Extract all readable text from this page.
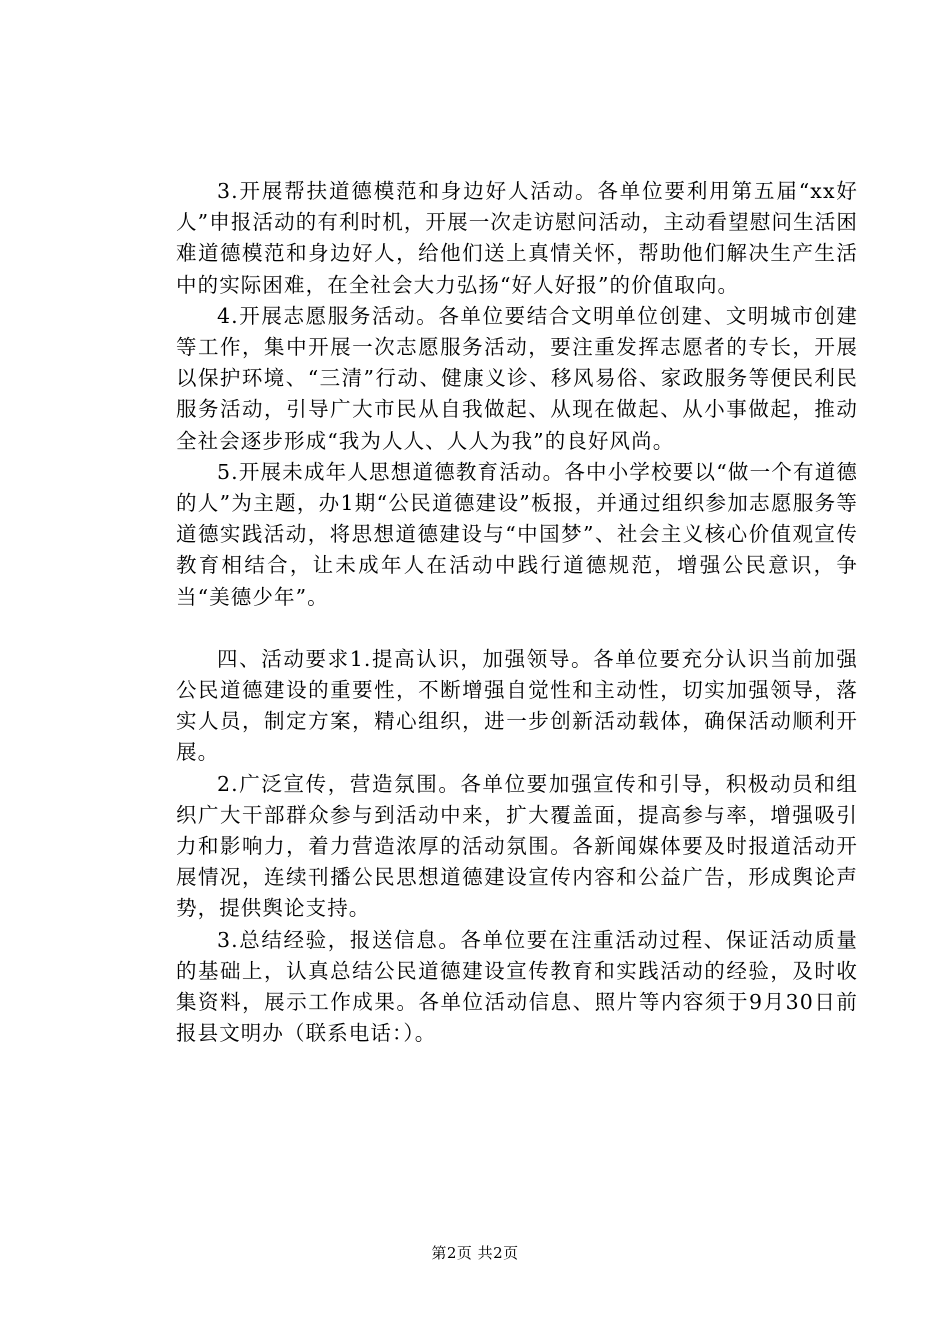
3.开展帮扶道德模范和身边好人活动。各单位要利用第五届“xx好人”申报活动的有利时机，开展一次走访慰问活动，主动看望慰问生活困难道德模范和身边好人，给他们送上真情关怀，帮助他们解决生产生活中的实际困难，在全社会大力弘扬“好人好报”的价值取向。

4.开展志愿服务活动。各单位要结合文明单位创建、文明城市创建等工作，集中开展一次志愿服务活动，要注重发挥志愿者的专长，开展以保护环境、“三清”行动、健康义诊、移风易俗、家政服务等便民利民服务活动，引导广大市民从自我做起、从现在做起、从小事做起，推动全社会逐步形成“我为人人、人人为我”的良好风尚。

5.开展未成年人思想道德教育活动。各中小学校要以“做一个有道德的人”为主题，办1期“公民道德建设”板报，并通过组织参加志愿服务等道德实践活动，将思想道德建设与“中国梦”、社会主义核心价值观宣传教育相结合，让未成年人在活动中践行道德规范，增强公民意识，争当“美德少年”。

四、活动要求1.提高认识，加强领导。各单位要充分认识当前加强公民道德建设的重要性，不断增强自觉性和主动性，切实加强领导，落实人员，制定方案，精心组织，进一步创新活动载体，确保活动顺利开展。

2.广泛宣传，营造氛围。各单位要加强宣传和引导，积极动员和组织广大干部群众参与到活动中来，扩大覆盖面，提高参与率，增强吸引力和影响力，着力营造浓厚的活动氛围。各新闻媒体要及时报道活动开展情况，连续刊播公民思想道德建设宣传内容和公益广告，形成舆论声势，提供舆论支持。

3.总结经验，报送信息。各单位要在注重活动过程、保证活动质量的基础上，认真总结公民道德建设宣传教育和实践活动的经验，及时收集资料，展示工作成果。各单位活动信息、照片等内容须于9月30日前报县文明办（联系电话：）。

第2页 共2页
